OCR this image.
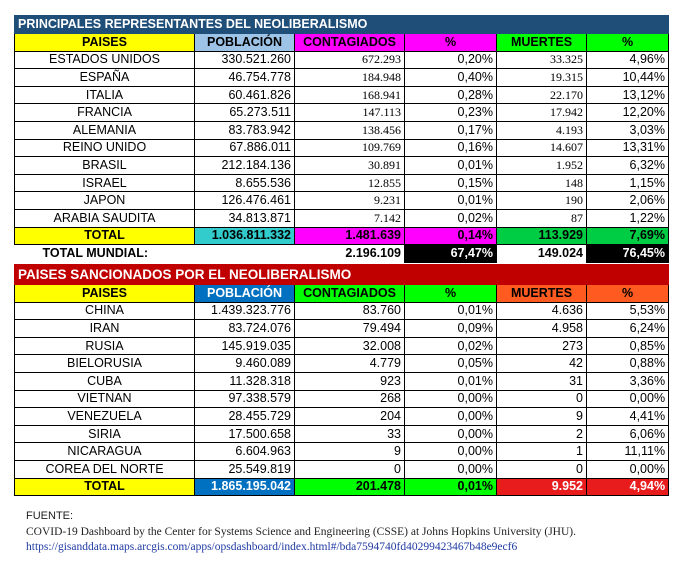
PRINCIPALES REPRESENTANTES DEL NEOLIBERALISMO					
PAISES	POBLACIÓN	CONTAGIADOS	%	MUERTES	%
ESTADOS UNIDOS	330.521.260	672.293	0,20%	33.325	4,96%
ESPAÑA	46.754.778	184.948	0,40%	19.315	10,44%
ITALIA	60.461.826	168.941	0,28%	22.170	13,12%
FRANCIA	65.273.511	147.113	0,23%	17.942	12,20%
ALEMANIA	83.783.942	138.456	0,17%	4.193	3,03%
REINO UNIDO	67.886.011	109.769	0,16%	14.607	13,31%
BRASIL	212.184.136	30.891	0,01%	1.952	6,32%
ISRAEL	8.655.536	12.855	0,15%	148	1,15%
JAPON	126.476.461	9.231	0,01%	190	2,06%
ARABIA SAUDITA	34.813.871	7.142	0,02%	87	1,22%
TOTAL	1.036.811.332	1.481.639	0,14%	113.929	7,69%
TOTAL MUNDIAL:		2.196.109	67,47%	149.024	76,45%
PAISES SANCIONADOS POR EL NEOLIBERALISMO					
PAISES	POBLACIÓN	CONTAGIADOS	%	MUERTES	%
CHINA	1.439.323.776	83.760	0,01%	4.636	5,53%
IRAN	83.724.076	79.494	0,09%	4.958	6,24%
RUSIA	145.919.035	32.008	0,02%	273	0,85%
BIELORUSIA	9.460.089	4.779	0,05%	42	0,88%
CUBA	11.328.318	923	0,01%	31	3,36%
VIETNAN	97.338.579	268	0,00%	0	0,00%
VENEZUELA	28.455.729	204	0,00%	9	4,41%
SIRIA	17.500.658	33	0,00%	2	6,06%
NICARAGUA	6.604.963	9	0,00%	1	11,11%
COREA DEL NORTE	25.549.819	0	0,00%	0	0,00%
TOTAL	1.865.195.042	201.478	0,01%	9.952	4,94%
FUENTE:
COVID-19 Dashboard by the Center for Systems Science and Engineering (CSSE) at Johns Hopkins University (JHU).
https://gisanddata.maps.arcgis.com/apps/opsdashboard/index.html#/bda7594740fd40299423467b48e9ecf6
